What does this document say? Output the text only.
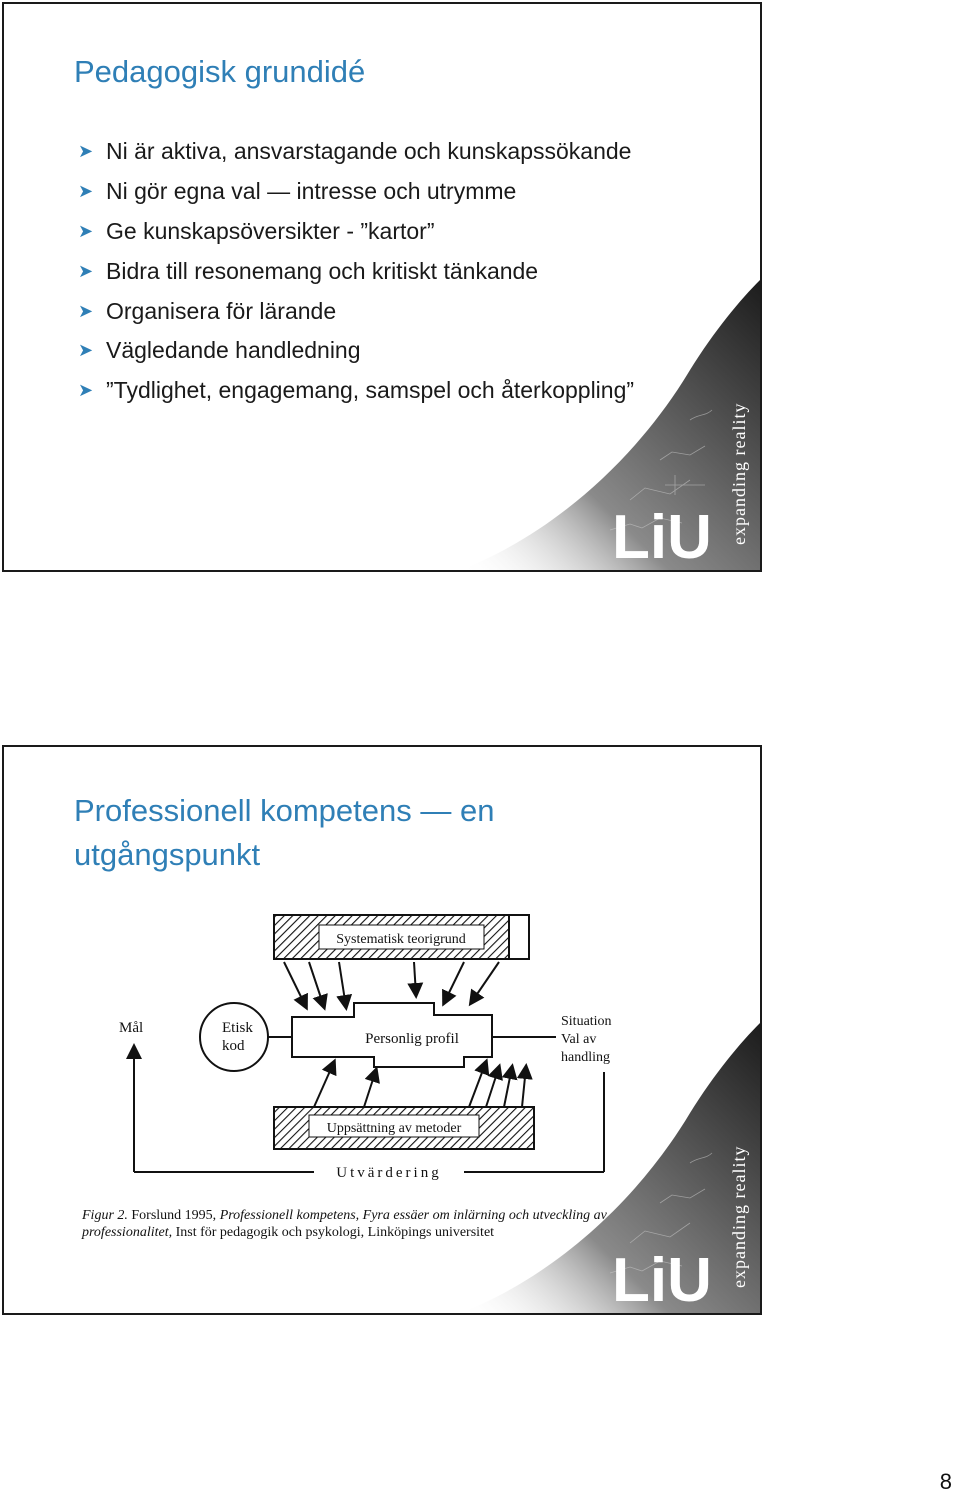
Pedagogisk grundidé
➤ Ni är aktiva, ansvarstagande och kunskapssökande
➤ Ni gör egna val — intresse och utrymme
➤ Ge kunskapsöversikter - ”kartor”
➤ Bidra till resonemang och kritiskt tänkande
➤ Organisera för lärande
➤ Vägledande handledning
➤ ”Tydlighet, engagemang, samspel och återkoppling”
LiU expanding reality
Professionell kompetens — en utgångspunkt
Systematisk teorigrund
Mål	Etisk
kod	Personlig profil
Situation
Val av
handling
Uppsättning av metoder
Utvärdering

Figur 2. Forslund 1995, Professionell kompetens, Fyra essäer om inlärning och utveckling av professionalitet, Inst för pedagogik och psykologi, Linköpings universitet

LiU expanding reality
8
